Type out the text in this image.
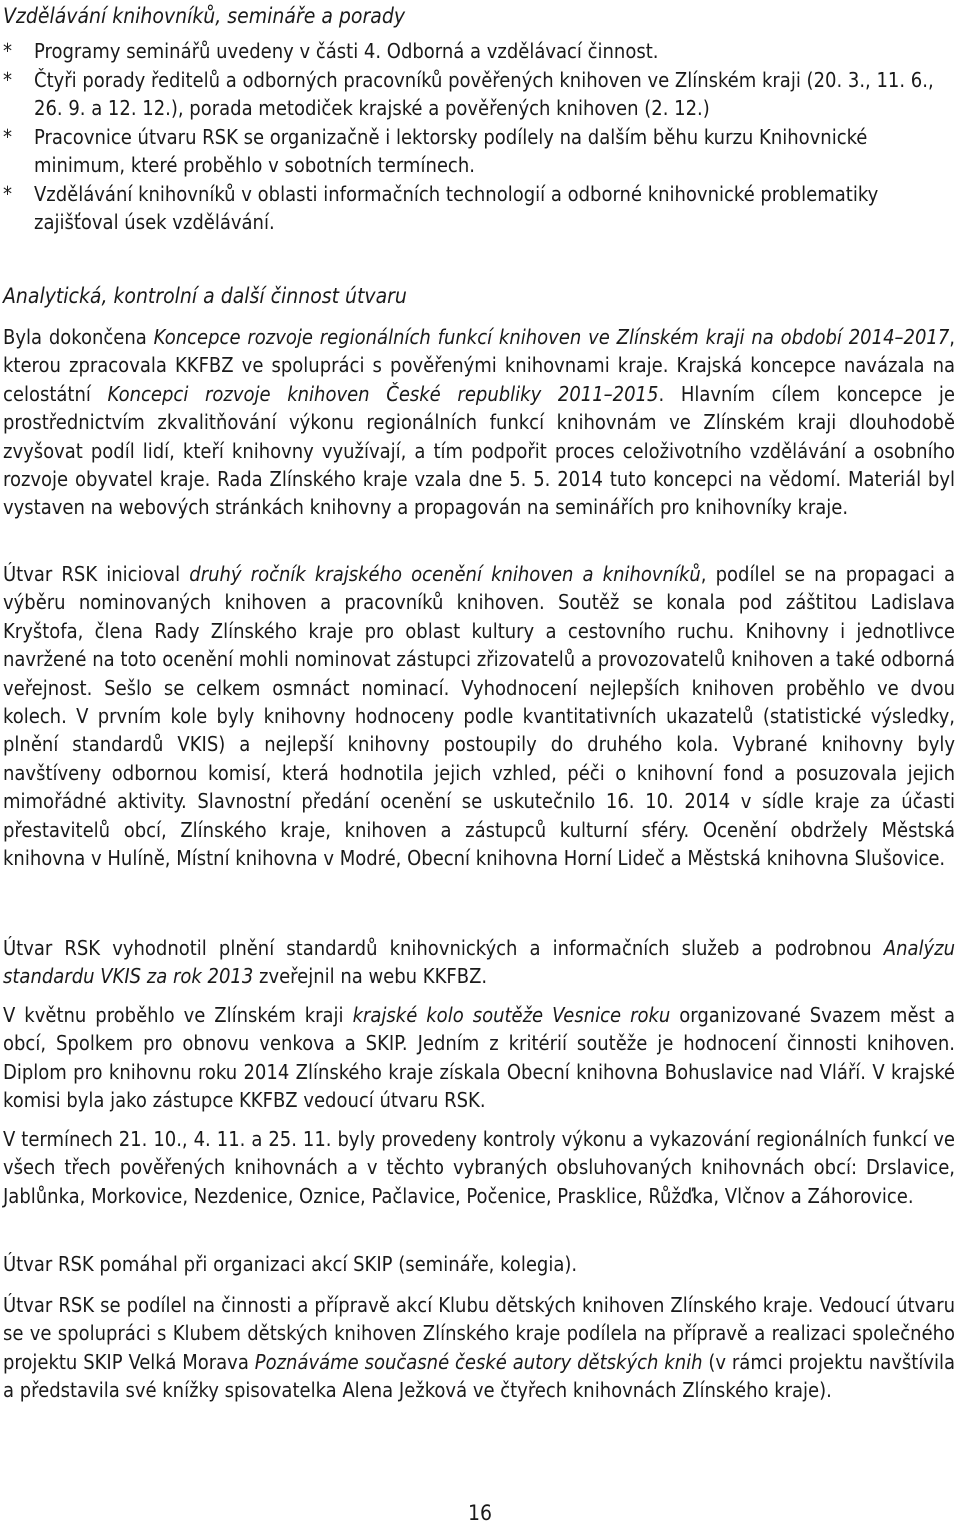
Vzdělávání knihovníků, semináře a porady
*	Programy seminářů uvedeny v části 4. Odborná a vzdělávací činnost.
*	Čtyři porady ředitelů a odborných pracovníků pověřených knihoven ve Zlínském kraji (20. 3., 11. 6., 26. 9. a 12. 12.), porada metodiček krajské a pověřených knihoven (2. 12.)
*	Pracovnice útvaru RSK se organizačně i lektorsky podílely na dalším běhu kurzu Knihovnické minimum, které proběhlo v sobotních termínech.
*	Vzdělávání knihovníků v oblasti informačních technologií a odborné knihovnické problematiky zajišťoval úsek vzdělávání.
Analytická, kontrolní a další činnost útvaru

Byla dokončena Koncepce rozvoje regionálních funkcí knihoven ve Zlínském kraji na období 2014–2017, kterou zpracovala KKFBZ ve spolupráci s pověřenými knihovnami kraje. Krajská koncepce navázala na celostátní Koncepci rozvoje knihoven České republiky 2011–2015. Hlavním cílem koncepce je prostřednictvím zkvalitňování výkonu regionálních funkcí knihovnám ve Zlínském kraji dlouhodobě zvyšovat podíl lidí, kteří knihovny využívají, a tím podpořit proces celoživotního vzdělávání a osobního rozvoje obyvatel kraje. Rada Zlínského kraje vzala dne 5. 5. 2014 tuto koncepci na vědomí. Materiál byl vystaven na webových stránkách knihovny a propagován na seminářích pro knihovníky kraje.

Útvar RSK inicioval druhý ročník krajského ocenění knihoven a knihovníků, podílel se na propagaci a výběru nominovaných knihoven a pracovníků knihoven. Soutěž se konala pod záštitou Ladislava Kryštofa, člena Rady Zlínského kraje pro oblast kultury a cestovního ruchu. Knihovny i jednotlivce navržené na toto ocenění mohli nominovat zástupci zřizovatelů a provozovatelů knihoven a také odborná veřejnost. Sešlo se celkem osmnáct nominací. Vyhodnocení nejlepších knihoven proběhlo ve dvou kolech. V prvním kole byly knihovny hodnoceny podle kvantitativních ukazatelů (statistické výsledky, plnění standardů VKIS) a nejlepší knihovny postoupily do druhého kola. Vybrané knihovny byly navštíveny odbornou komisí, která hodnotila jejich vzhled, péči o knihovní fond a posuzovala jejich mimořádné aktivity. Slavnostní předání ocenění se uskutečnilo 16. 10. 2014 v sídle kraje za účasti přestavitelů obcí, Zlínského kraje, knihoven a zástupců kulturní sféry. Ocenění obdržely Městská knihovna v Hulíně, Místní knihovna v Modré, Obecní knihovna Horní Lideč a Městská knihovna Slušovice.

Útvar RSK vyhodnotil plnění standardů knihovnických a informačních služeb a podrobnou Analýzu standardu VKIS za rok 2013 zveřejnil na webu KKFBZ.

V květnu proběhlo ve Zlínském kraji krajské kolo soutěže Vesnice roku organizované Svazem měst a obcí, Spolkem pro obnovu venkova a SKIP. Jedním z kritérií soutěže je hodnocení činnosti knihoven. Diplom pro knihovnu roku 2014 Zlínského kraje získala Obecní knihovna Bohuslavice nad Vláří. V krajské komisi byla jako zástupce KKFBZ vedoucí útvaru RSK.

V termínech 21. 10., 4. 11. a 25. 11. byly provedeny kontroly výkonu a vykazování regionálních funkcí ve všech třech pověřených knihovnách a v těchto vybraných obsluhovaných knihovnách obcí: Drslavice, Jablůnka, Morkovice, Nezdenice, Oznice, Pačlavice, Počenice, Prasklice, Růžďka, Vlčnov a Záhorovice.

Útvar RSK pomáhal při organizaci akcí SKIP (semináře, kolegia).

Útvar RSK se podílel na činnosti a přípravě akcí Klubu dětských knihoven Zlínského kraje. Vedoucí útvaru se ve spolupráci s Klubem dětských knihoven Zlínského kraje podílela na přípravě a realizaci společného projektu SKIP Velká Morava Poznáváme současné české autory dětských knih (v rámci projektu navštívila a představila své knížky spisovatelka Alena Ježková ve čtyřech knihovnách Zlínského kraje).

16
